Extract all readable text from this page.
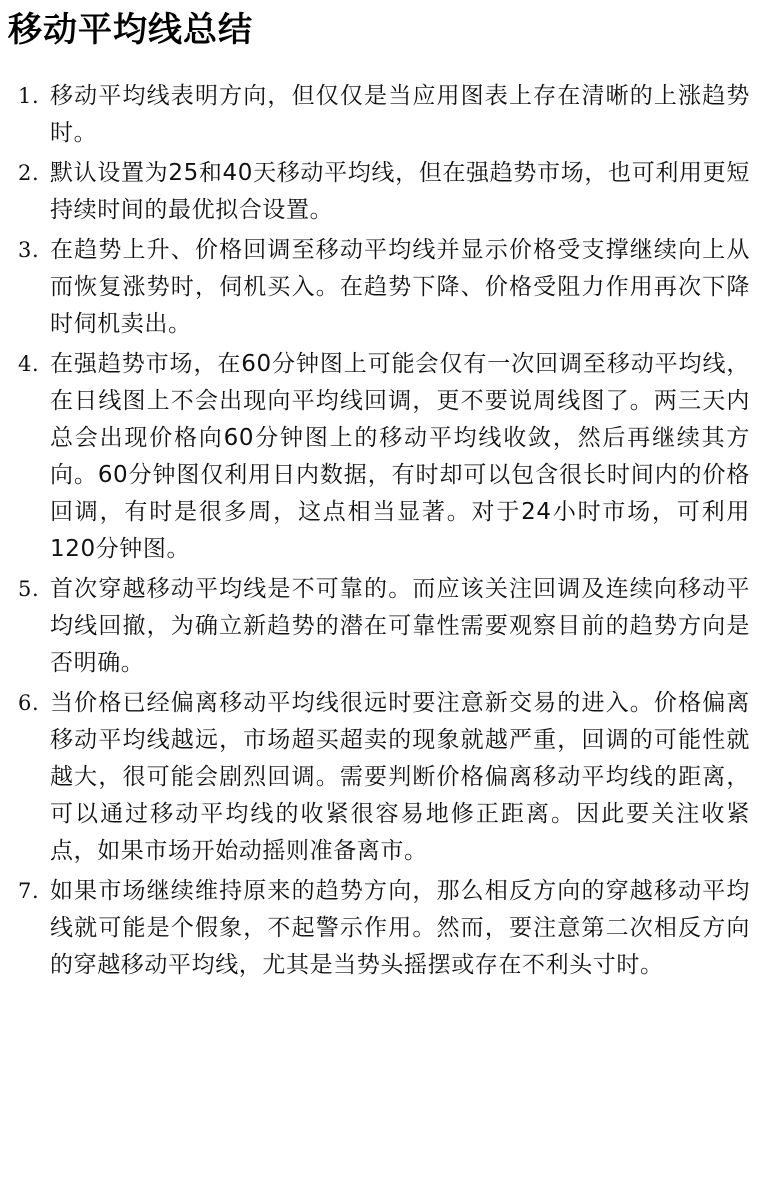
移动平均线总结
1. 移动平均线表明方向，但仅仅是当应用图表上存在清晰的上涨趋势时。
2. 默认设置为25和40天移动平均线，但在强趋势市场，也可利用更短持续时间的最优拟合设置。
3. 在趋势上升、价格回调至移动平均线并显示价格受支撑继续向上从而恢复涨势时，伺机买入。在趋势下降、价格受阻力作用再次下降时伺机卖出。
4. 在强趋势市场，在60分钟图上可能会仅有一次回调至移动平均线，在日线图上不会出现向平均线回调，更不要说周线图了。两三天内总会出现价格向60分钟图上的移动平均线收敛，然后再继续其方向。60分钟图仅利用日内数据，有时却可以包含很长时间内的价格回调，有时是很多周，这点相当显著。对于24小时市场，可利用120分钟图。
5. 首次穿越移动平均线是不可靠的。而应该关注回调及连续向移动平均线回撤，为确立新趋势的潜在可靠性需要观察目前的趋势方向是否明确。
6. 当价格已经偏离移动平均线很远时要注意新交易的进入。价格偏离移动平均线越远，市场超买超卖的现象就越严重，回调的可能性就越大，很可能会剧烈回调。需要判断价格偏离移动平均线的距离，可以通过移动平均线的收紧很容易地修正距离。因此要关注收紧点，如果市场开始动摇则准备离市。
7. 如果市场继续维持原来的趋势方向，那么相反方向的穿越移动平均线就可能是个假象，不起警示作用。然而，要注意第二次相反方向的穿越移动平均线，尤其是当势头摇摆或存在不利头寸时。
